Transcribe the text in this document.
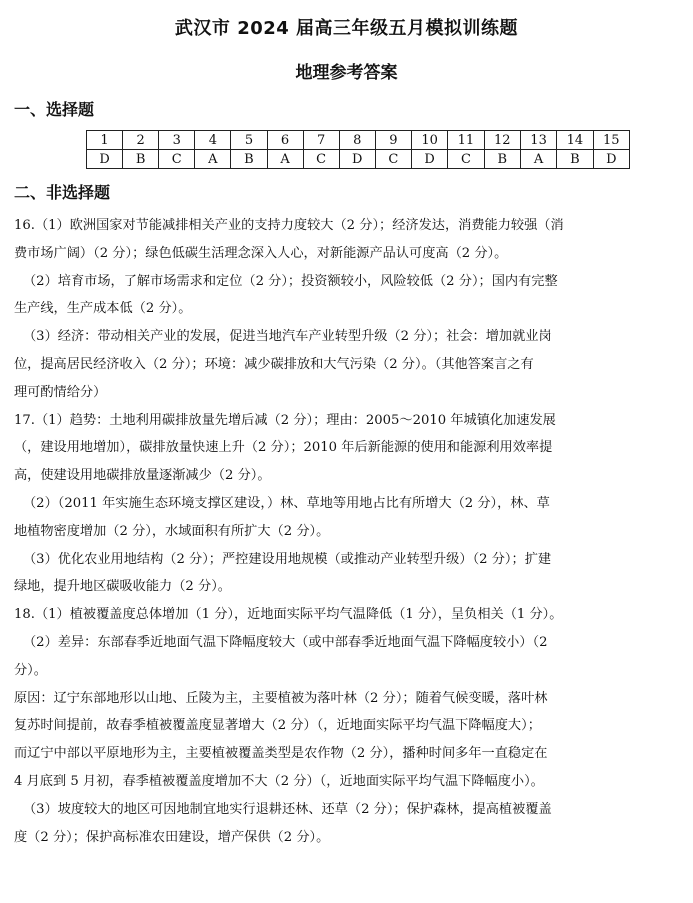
武汉市 2024 届高三年级五月模拟训练题
地理参考答案
一、选择题
1	2	3	4	5	6	7	8	9	10	11	12	13	14	15
D	B	C	A	B	A	C	D	C	D	C	B	A	B	D
二、非选择题
16.（1）欧洲国家对节能减排相关产业的支持力度较大（2 分）；经济发达，消费能力较强（消
费市场广阔）（2 分）；绿色低碳生活理念深入人心，对新能源产品认可度高（2 分）。
（2）培育市场，了解市场需求和定位（2 分）；投资额较小，风险较低（2 分）；国内有完整
生产线，生产成本低（2 分）。
（3）经济：带动相关产业的发展，促进当地汽车产业转型升级（2 分）；社会：增加就业岗
位，提高居民经济收入（2 分）；环境：减少碳排放和大气污染（2 分）。（其他答案言之有
理可酌情给分）
17.（1）趋势：土地利用碳排放量先增后减（2 分）；理由：2005～2010 年城镇化加速发展
（，建设用地增加），碳排放量快速上升（2 分）；2010 年后新能源的使用和能源利用效率提
高，使建设用地碳排放量逐渐减少（2 分）。
（2）（2011 年实施生态环境支撑区建设，）林、草地等用地占比有所增大（2 分），林、草
地植物密度增加（2 分），水域面积有所扩大（2 分）。
（3）优化农业用地结构（2 分）；严控建设用地规模（或推动产业转型升级）（2 分）；扩建
绿地，提升地区碳吸收能力（2 分）。
18.（1）植被覆盖度总体增加（1 分），近地面实际平均气温降低（1 分），呈负相关（1 分）。
（2）差异：东部春季近地面气温下降幅度较大（或中部春季近地面气温下降幅度较小）（2
分）。
原因：辽宁东部地形以山地、丘陵为主，主要植被为落叶林（2 分）；随着气候变暖，落叶林
复苏时间提前，故春季植被覆盖度显著增大（2 分）（，近地面实际平均气温下降幅度大）；
而辽宁中部以平原地形为主，主要植被覆盖类型是农作物（2 分），播种时间多年一直稳定在
4 月底到 5 月初，春季植被覆盖度增加不大（2 分）（，近地面实际平均气温下降幅度小）。
（3）坡度较大的地区可因地制宜地实行退耕还林、还草（2 分）；保护森林，提高植被覆盖
度（2 分）；保护高标准农田建设，增产保供（2 分）。
